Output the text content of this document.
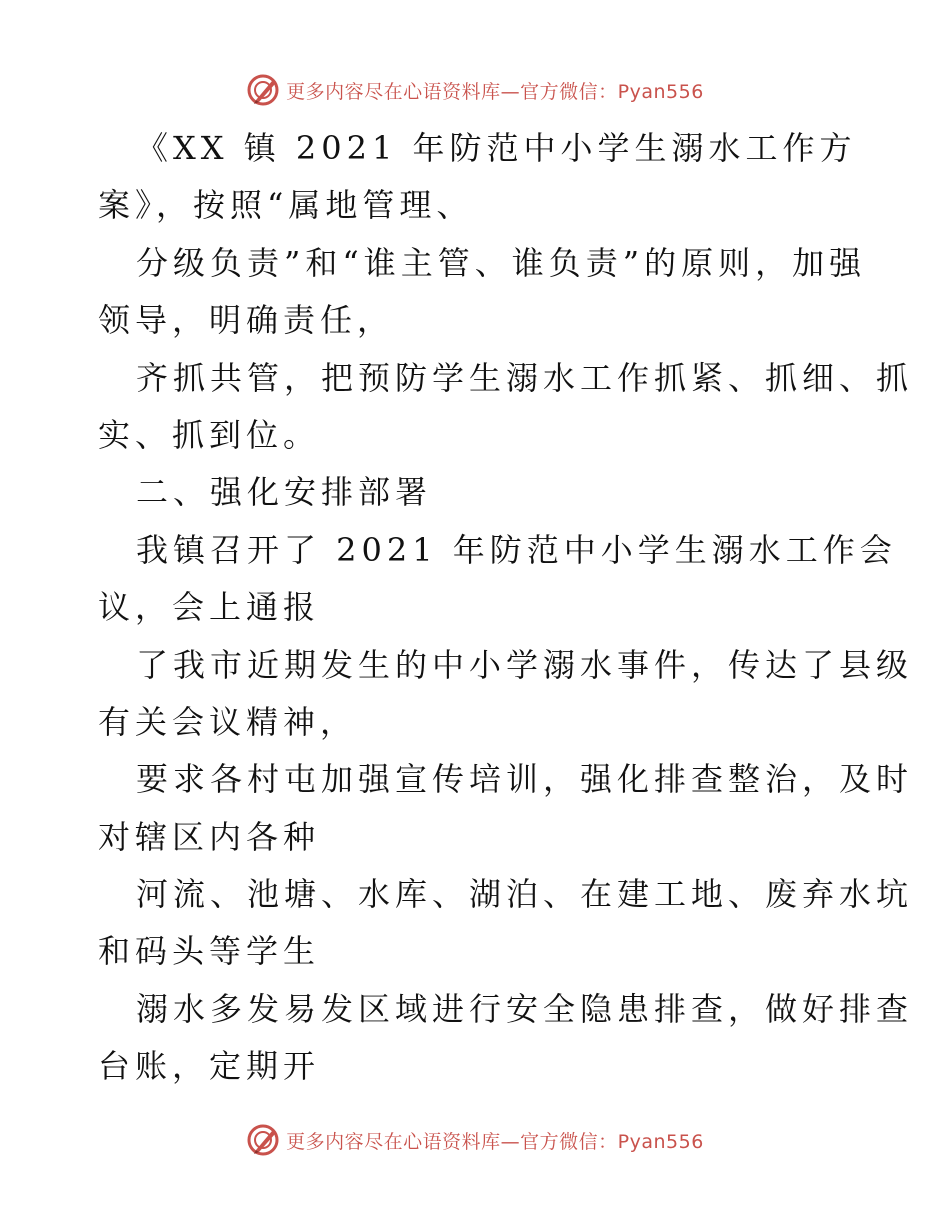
更多内容尽在心语资料库—官方微信：Pyan556
《XX 镇 2021 年防范中小学生溺水工作方
案》，按照“属地管理、
分级负责”和“谁主管、谁负责”的原则，加强
领导，明确责任，
齐抓共管，把预防学生溺水工作抓紧、抓细、抓
实、抓到位。
二、强化安排部署
我镇召开了 2021 年防范中小学生溺水工作会
议，会上通报
了我市近期发生的中小学溺水事件，传达了县级
有关会议精神，
要求各村屯加强宣传培训，强化排查整治，及时
对辖区内各种
河流、池塘、水库、湖泊、在建工地、废弃水坑
和码头等学生
溺水多发易发区域进行安全隐患排查，做好排查
台账，定期开
更多内容尽在心语资料库—官方微信：Pyan556
